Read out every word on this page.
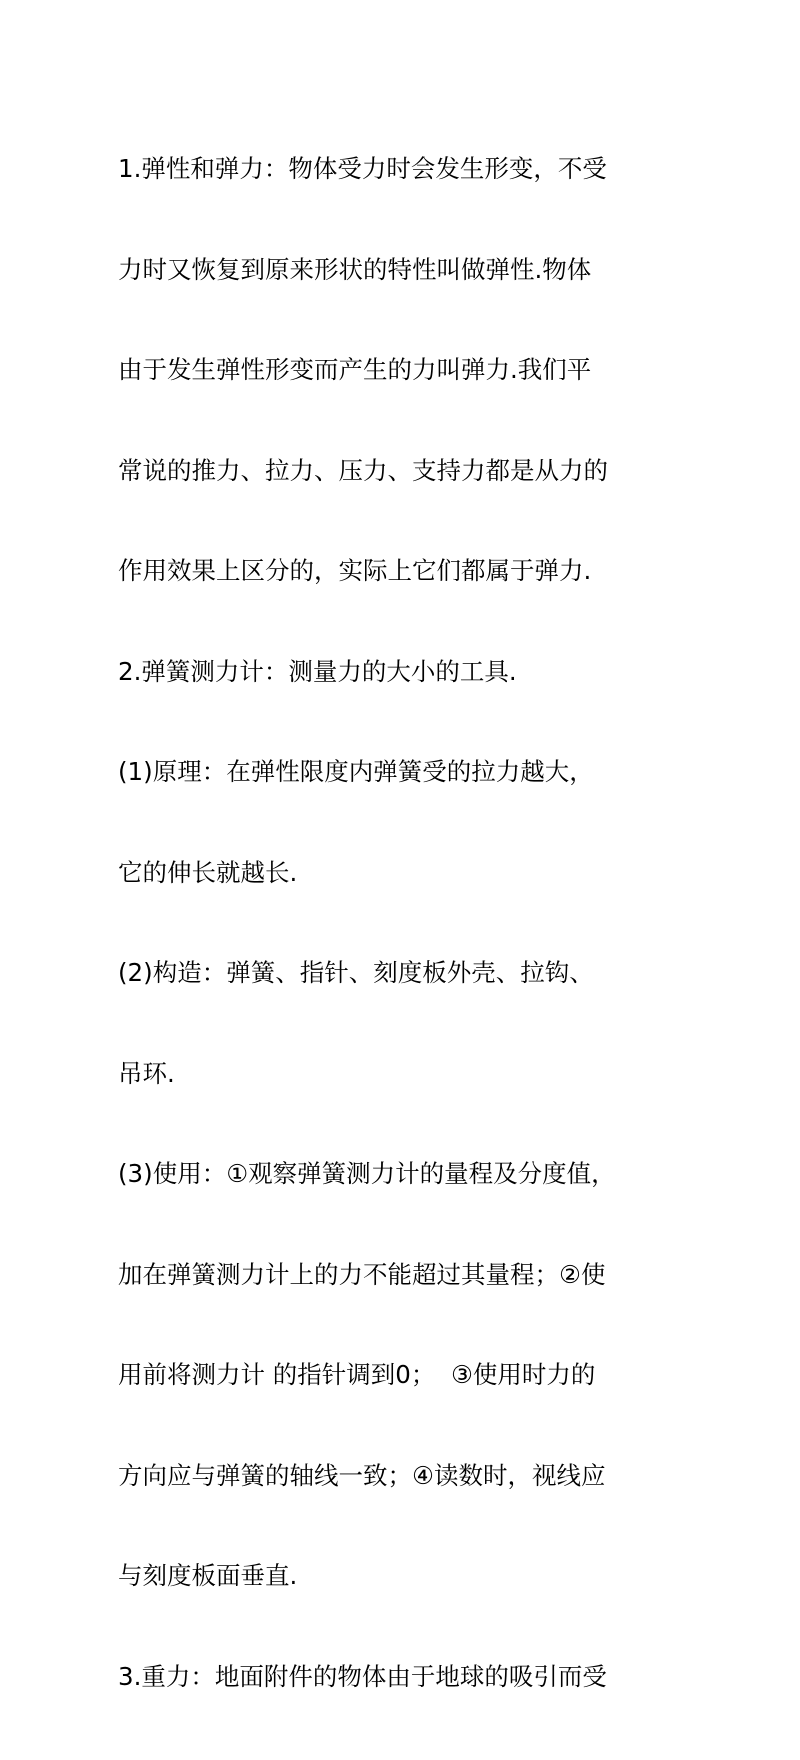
1.弹性和弹力：物体受力时会发生形变，不受

力时又恢复到原来形状的特性叫做弹性.物体

由于发生弹性形变而产生的力叫弹力.我们平

常说的推力、拉力、压力、支持力都是从力的

作用效果上区分的，实际上它们都属于弹力.

2.弹簧测力计：测量力的大小的工具.

(1)原理：在弹性限度内弹簧受的拉力越大，

它的伸长就越长.

(2)构造：弹簧、指针、刻度板外壳、拉钩、

吊环.

(3)使用：①观察弹簧测力计的量程及分度值，

加在弹簧测力计上的力不能超过其量程；②使

用前将测力计 的指针调到0；  ③使用时力的

方向应与弹簧的轴线一致；④读数时，视线应

与刻度板面垂直.

3.重力：地面附件的物体由于地球的吸引而受
